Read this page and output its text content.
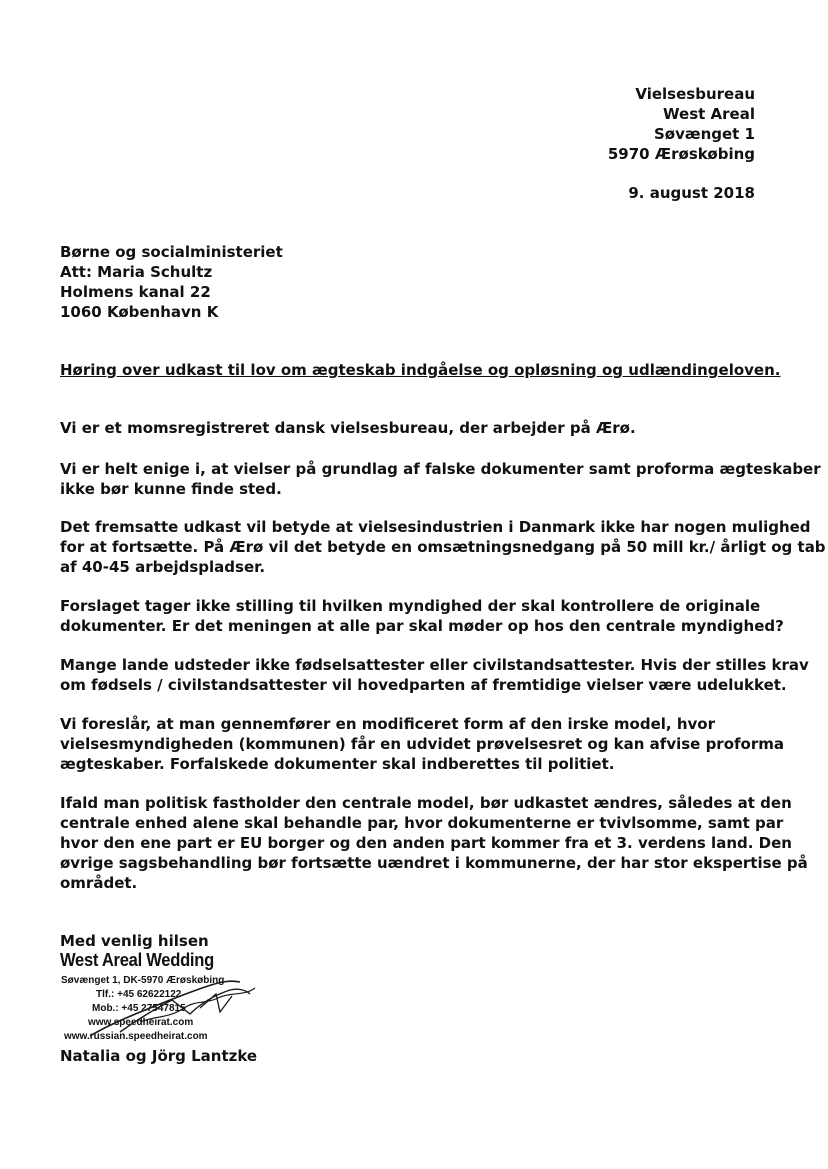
Vielsesbureau
West Areal
Søvænget 1
5970 Ærøskøbing
9. august 2018
Børne og socialministeriet
Att: Maria Schultz
Holmens kanal 22
1060 København K
Høring over udkast til lov om ægteskab indgåelse og opløsning og udlændingeloven.
Vi er et momsregistreret dansk vielsesbureau, der arbejder på Ærø.
Vi er helt enige i, at vielser på grundlag af falske dokumenter samt proforma ægteskaber
ikke bør kunne finde sted.
Det fremsatte udkast vil betyde at vielsesindustrien i Danmark ikke har nogen mulighed
for at fortsætte. På Ærø vil det betyde en omsætningsnedgang på 50 mill kr./ årligt og tab
af 40-45 arbejdspladser.
Forslaget tager ikke stilling til hvilken myndighed der skal kontrollere de originale
dokumenter. Er det meningen at alle par skal møder op hos den centrale myndighed?
Mange lande udsteder ikke fødselsattester eller civilstandsattester. Hvis der stilles krav
om fødsels / civilstandsattester vil hovedparten af fremtidige vielser være udelukket.
Vi foreslår, at man gennemfører en modificeret form af den irske model, hvor
vielsesmyndigheden (kommunen) får en udvidet prøvelsesret og kan afvise proforma
ægteskaber. Forfalskede dokumenter skal indberettes til politiet.
Ifald man politisk fastholder den centrale model, bør udkastet ændres, således at den
centrale enhed alene skal behandle par, hvor dokumenterne er tvivlsomme, samt par
hvor den ene part er EU borger og den anden part kommer fra et 3. verdens land. Den
øvrige sagsbehandling bør fortsætte uændret i kommunerne, der har stor ekspertise på
området.
Med venlig hilsen
West Areal Wedding
Søvænget 1, DK-5970 Ærøskøbing
Tlf.: +45 62622122
Mob.: +45 27547815
www.speedheirat.com
www.russian.speedheirat.com
Natalia og Jörg Lantzke
